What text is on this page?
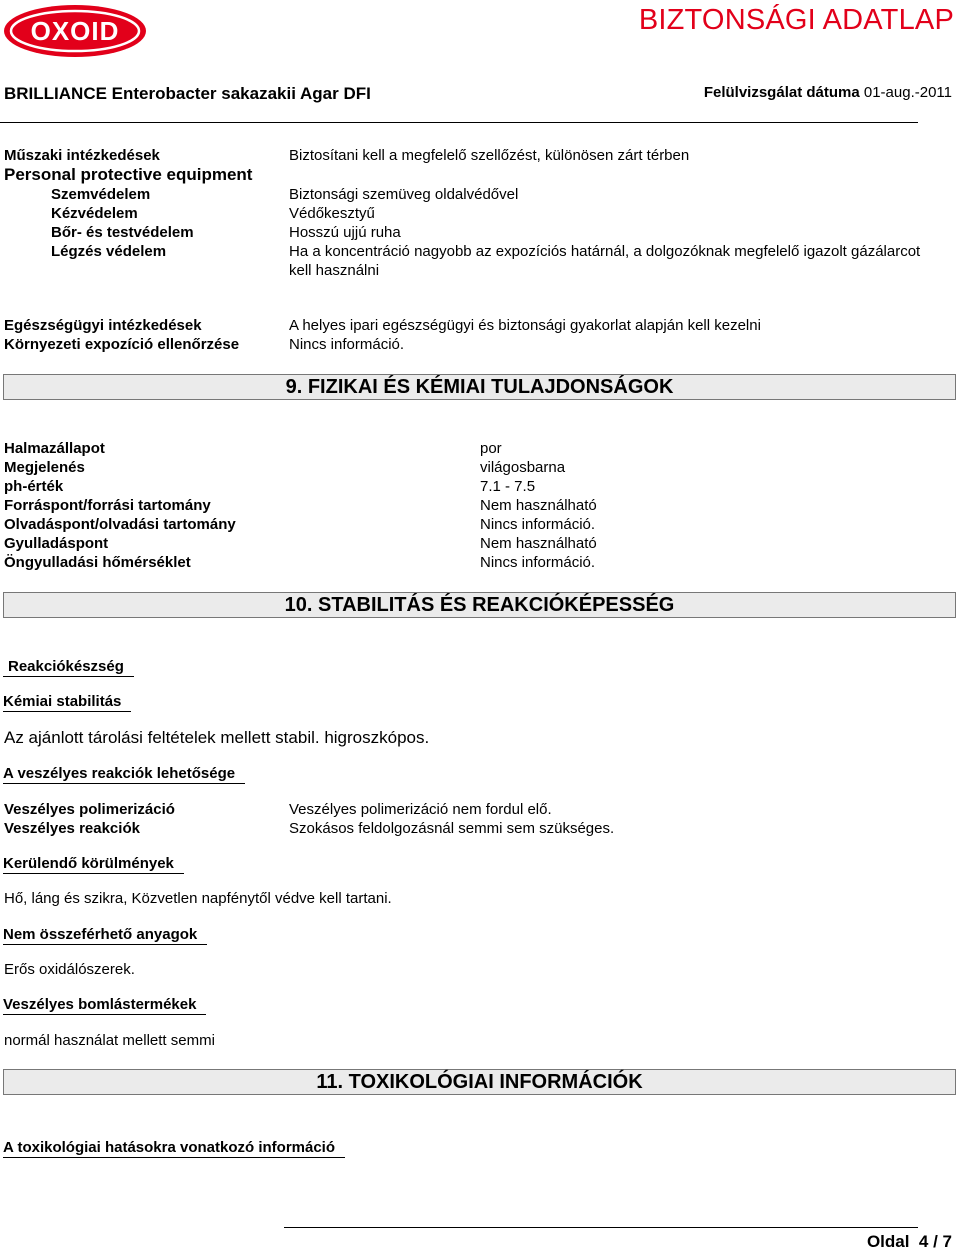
OXOID	BIZTONSÁGI ADATLAP
BRILLIANCE Enterobacter sakazakii Agar DFI	Felülvizsgálat dátuma 01-aug.-2011
Műszaki intézkedések	Biztosítani kell a megfelelő szellőzést, különösen zárt térben
Personal protective equipment
Szemvédelem	Biztonsági szemüveg oldalvédővel
Kézvédelem	Védőkesztyű
Bőr- és testvédelem	Hosszú ujjú ruha
Légzés védelem	Ha a koncentráció nagyobb az expozíciós határnál, a dolgozóknak megfelelő igazolt gázálarcot
kell használni
Egészségügyi intézkedések	A helyes ipari egészségügyi és biztonsági gyakorlat alapján kell kezelni
Környezeti expozíció ellenőrzése	Nincs információ.
9. FIZIKAI ÉS KÉMIAI TULAJDONSÁGOK
Halmazállapot	por
Megjelenés	világosbarna
ph-érték	7.1 - 7.5
Forráspont/forrási tartomány	Nem használható
Olvadáspont/olvadási tartomány	Nincs információ.
Gyulladáspont	Nem használható
Öngyulladási hőmérséklet	Nincs információ.
10. STABILITÁS ÉS REAKCIÓKÉPESSÉG
Reakciókészség
Kémiai stabilitás
Az ajánlott tárolási feltételek mellett stabil. higroszkópos.
A veszélyes reakciók lehetősége
Veszélyes polimerizáció	Veszélyes polimerizáció nem fordul elő.
Veszélyes reakciók	Szokásos feldolgozásnál semmi sem szükséges.
Kerülendő körülmények
Hő, láng és szikra, Közvetlen napfénytől védve kell tartani.
Nem összeférhető anyagok
Erős oxidálószerek.
Veszélyes bomlástermékek
normál használat mellett semmi
11. TOXIKOLÓGIAI INFORMÁCIÓK
A toxikológiai hatásokra vonatkozó információ
Oldal 4 / 7
